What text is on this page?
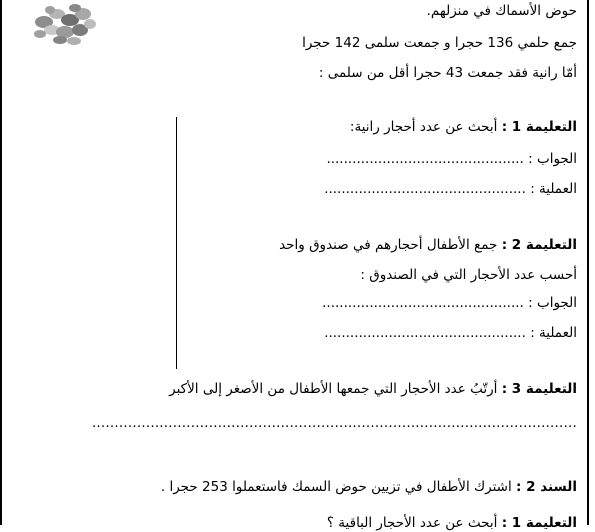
حوض الأسماك في منزلهم.
جمع حلمي 136 حجرا و جمعت سلمى 142 حجرا
أمّا رانية فقد جمعت 43 حجرا أقل من سلمى :
التعليمة 1 : أبحث عن عدد أحجار رانية:
الجواب : ..............................................
العملية : ...............................................
التعليمة 2 : جمع الأطفال أحجارهم في صندوق واحد
أحسب عدد الأحجار التي في الصندوق :
الجواب : ...............................................
العملية : ...............................................
التعليمة 3 : أرتّبُ عدد الأحجار التي جمعها الأطفال من الأصغر إلى الأكبر
............................................................................................................
السند 2 : اشترك الأطفال في تزيين حوض السمك فاستعملوا 253 حجرا .
التعليمة 1 : أبحث عن عدد الأحجار الباقية ؟
